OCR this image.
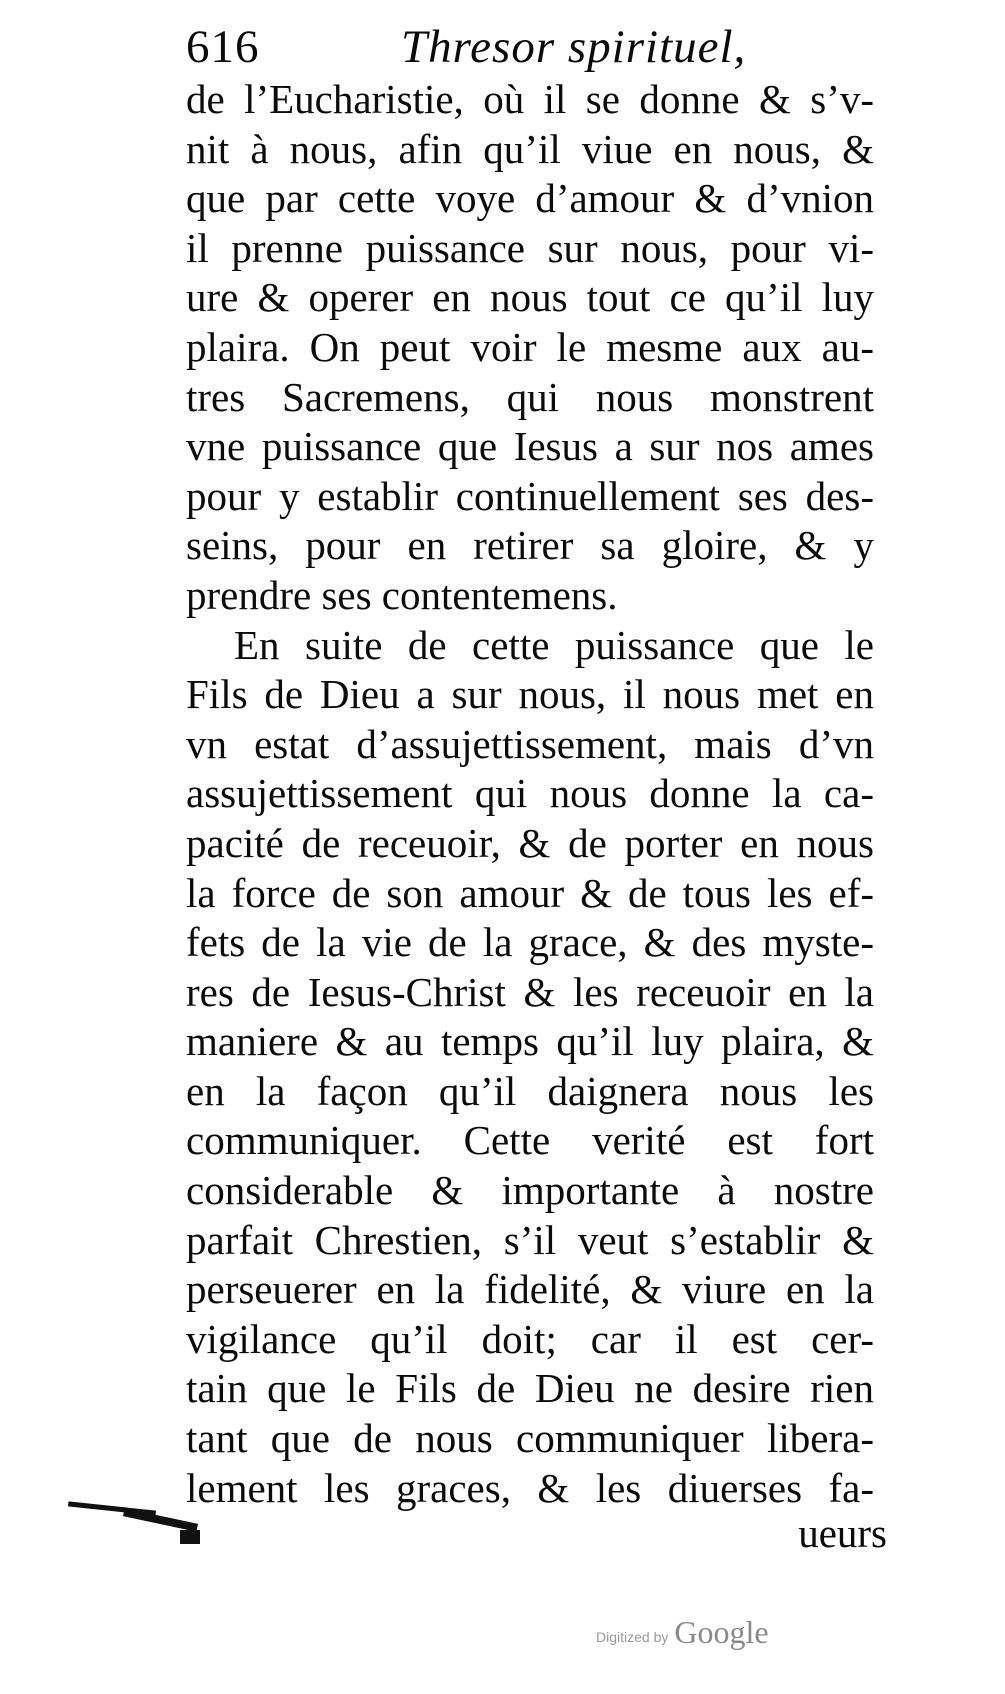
616	Thresor spirituel,
de l’Eucharistie, où il se donne & s’v-
nit à nous, afin qu’il viue en nous, &
que par cette voye d’amour & d’vnion
il prenne puissance sur nous, pour vi-
ure & operer en nous tout ce qu’il luy
plaira. On peut voir le mesme aux au-
tres Sacremens, qui nous monstrent
vne puissance que Iesus a sur nos ames
pour y establir continuellement ses des-
seins, pour en retirer sa gloire, & y
prendre ses contentemens.
En suite de cette puissance que le
Fils de Dieu a sur nous, il nous met en
vn estat d’assujettissement, mais d’vn
assujettissement qui nous donne la ca-
pacité de receuoir, & de porter en nous
la force de son amour & de tous les ef-
fets de la vie de la grace, & des myste-
res de Iesus-Christ & les receuoir en la
maniere & au temps qu’il luy plaira, &
en la façon qu’il daignera nous les
communiquer. Cette verité est fort
considerable & importante à nostre
parfait Chrestien, s’il veut s’establir &
perseuerer en la fidelité, & viure en la
vigilance qu’il doit; car il est cer-
tain que le Fils de Dieu ne desire rien
tant que de nous communiquer libera-
lement les graces, & les diuerses fa-
ueurs
Digitized by Google
